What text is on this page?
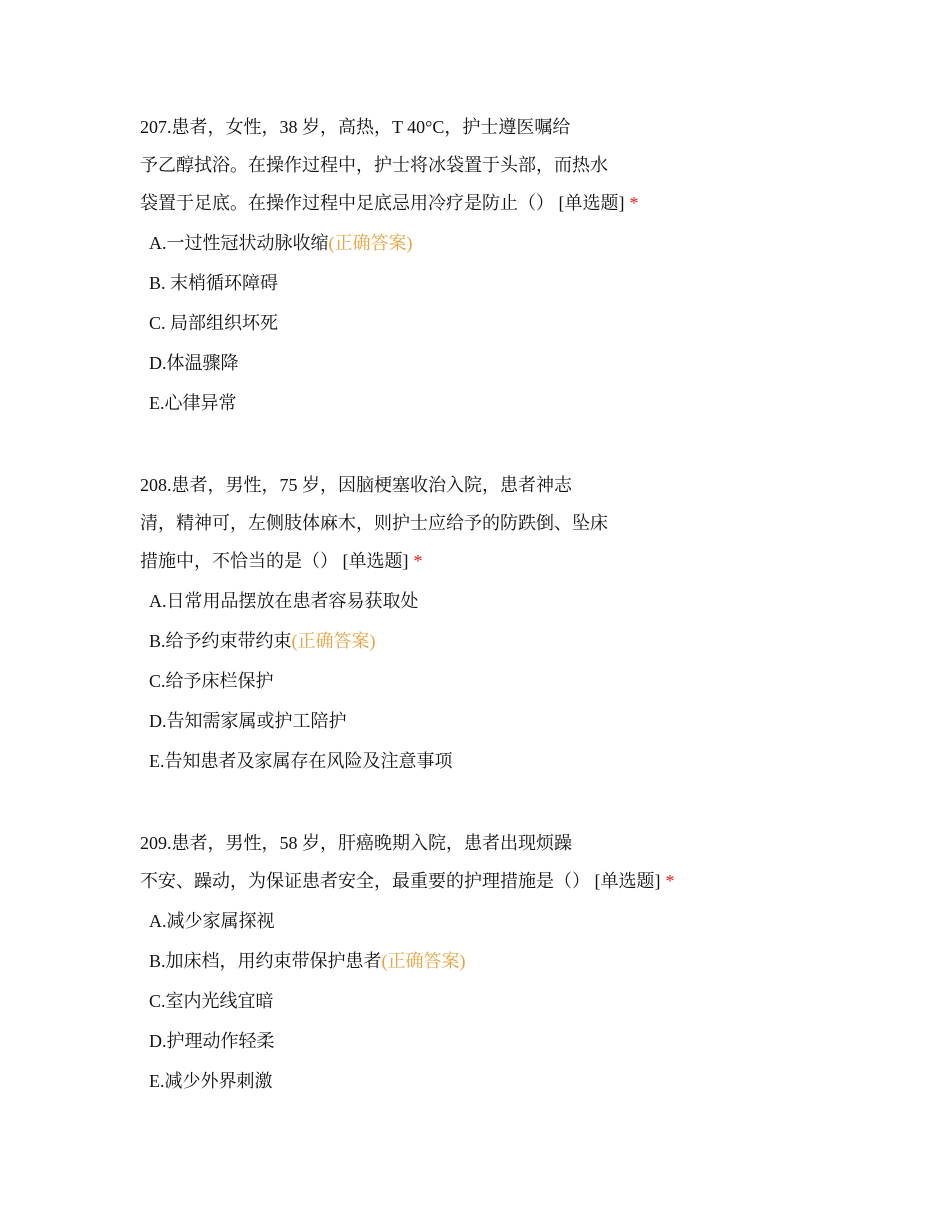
207.患者，女性，38 岁，高热，T 40°C，护士遵医嘱给
予乙醇拭浴。在操作过程中，护士将冰袋置于头部，而热水
袋置于足底。在操作过程中足底忌用冷疗是防止（） [单选题] *
A.一过性冠状动脉收缩(正确答案)
B. 末梢循环障碍
C. 局部组织坏死
D.体温骤降
E.心律异常
208.患者，男性，75 岁，因脑梗塞收治入院，患者神志
清，精神可，左侧肢体麻木，则护士应给予的防跌倒、坠床
措施中，不恰当的是（） [单选题] *
A.日常用品摆放在患者容易获取处
B.给予约束带约束(正确答案)
C.给予床栏保护
D.告知需家属或护工陪护
E.告知患者及家属存在风险及注意事项
209.患者，男性，58 岁，肝癌晚期入院，患者出现烦躁
不安、躁动，为保证患者安全，最重要的护理措施是（） [单选题] *
A.减少家属探视
B.加床档，用约束带保护患者(正确答案)
C.室内光线宜暗
D.护理动作轻柔
E.减少外界刺激
